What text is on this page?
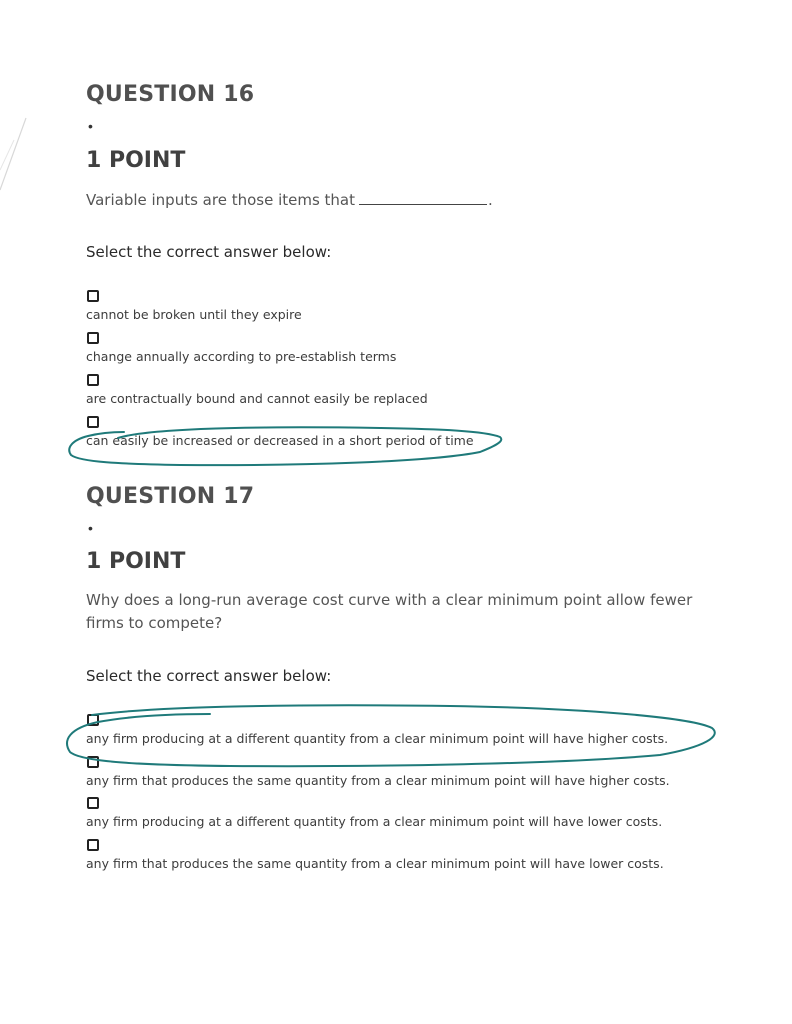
QUESTION 16
•
1 POINT
Variable inputs are those items that	.
Select the correct answer below:
cannot be broken until they expire
change annually according to pre-establish terms
are contractually bound and cannot easily be replaced
can easily be increased or decreased in a short period of time
QUESTION 17
•
1 POINT
Why does a long-run average cost curve with a clear minimum point allow fewer
firms to compete?
Select the correct answer below:
any firm producing at a different quantity from a clear minimum point will have higher costs.
any firm that produces the same quantity from a clear minimum point will have higher costs.
any firm producing at a different quantity from a clear minimum point will have lower costs.
any firm that produces the same quantity from a clear minimum point will have lower costs.
